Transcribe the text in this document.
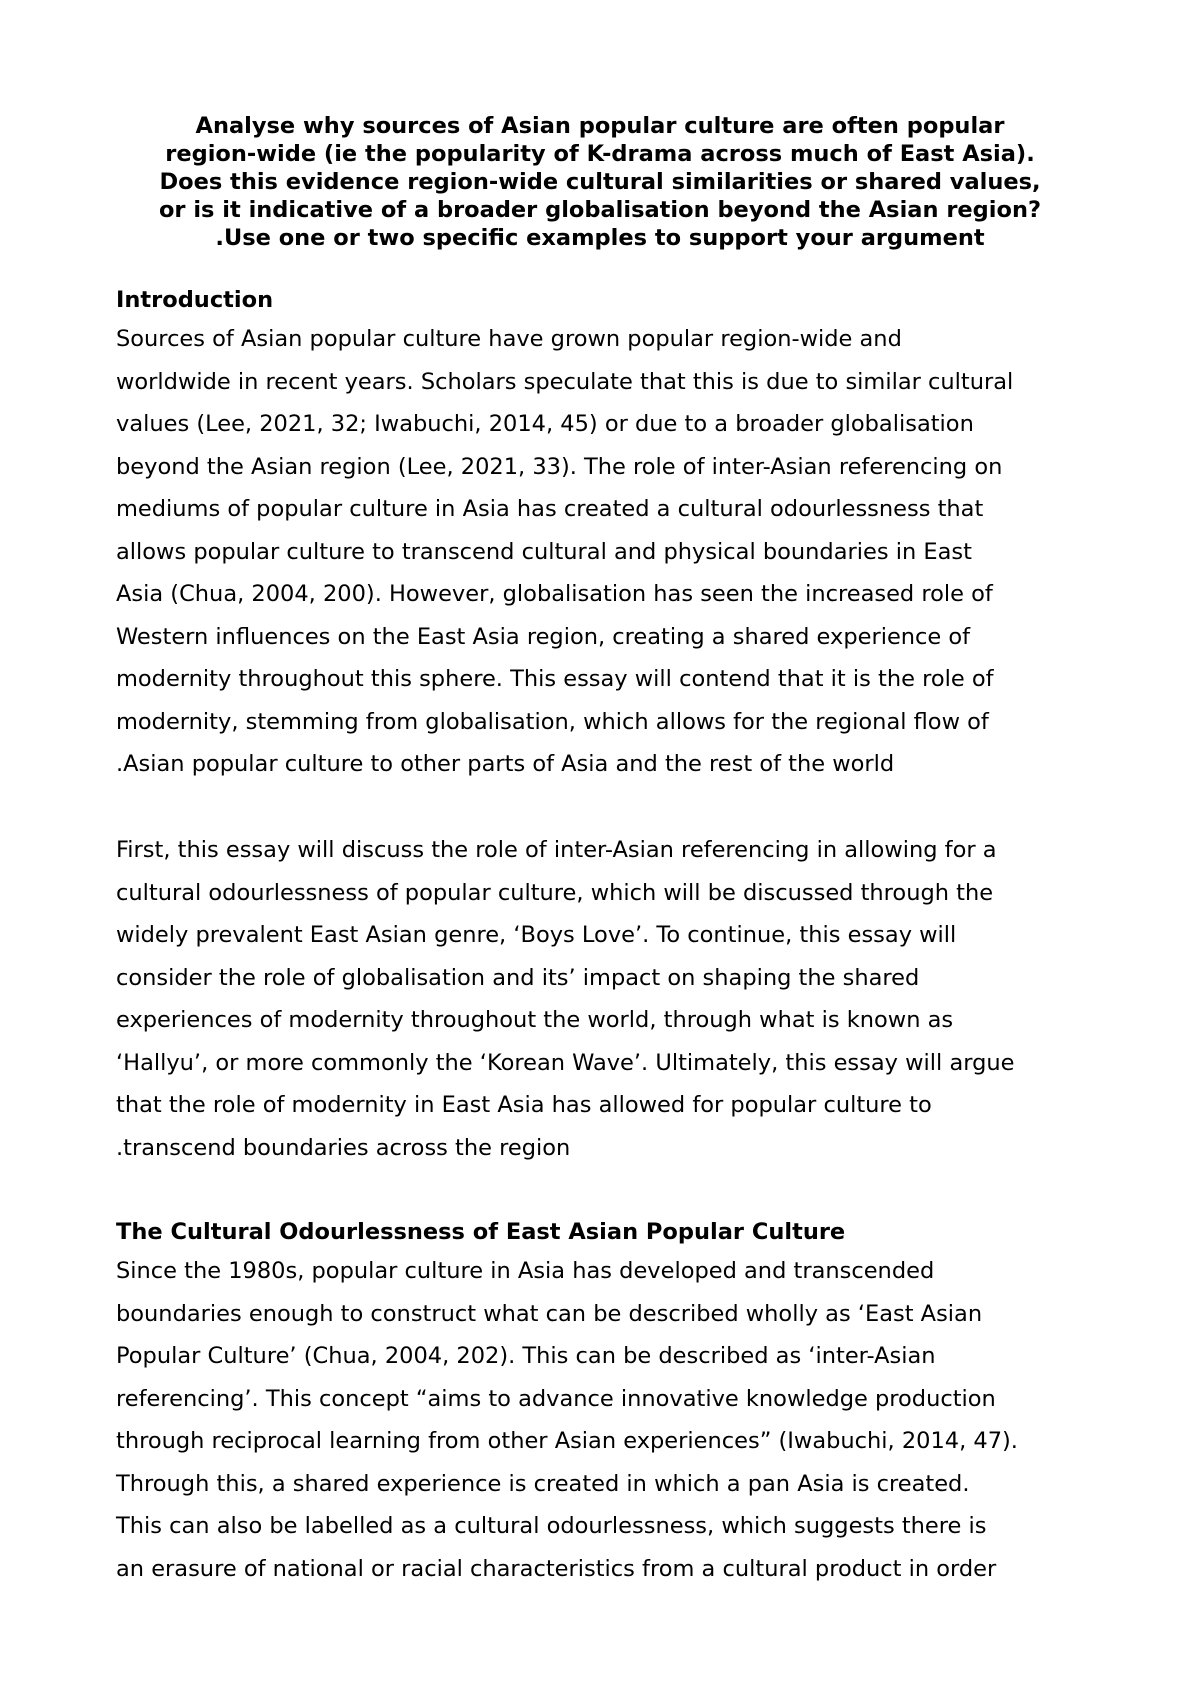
Analyse why sources of Asian popular culture are often popular
region-wide (ie the popularity of K-drama across much of East Asia).
Does this evidence region-wide cultural similarities or shared values,
or is it indicative of a broader globalisation beyond the Asian region?
.Use one or two specific examples to support your argument
Introduction
Sources of Asian popular culture have grown popular region-wide and
worldwide in recent years. Scholars speculate that this is due to similar cultural
values (Lee, 2021, 32; Iwabuchi, 2014, 45) or due to a broader globalisation
beyond the Asian region (Lee, 2021, 33). The role of inter-Asian referencing on
mediums of popular culture in Asia has created a cultural odourlessness that
allows popular culture to transcend cultural and physical boundaries in East
Asia (Chua, 2004, 200). However, globalisation has seen the increased role of
Western influences on the East Asia region, creating a shared experience of
modernity throughout this sphere. This essay will contend that it is the role of
modernity, stemming from globalisation, which allows for the regional flow of
.Asian popular culture to other parts of Asia and the rest of the world
First, this essay will discuss the role of inter-Asian referencing in allowing for a
cultural odourlessness of popular culture, which will be discussed through the
widely prevalent East Asian genre, ‘Boys Love’. To continue, this essay will
consider the role of globalisation and its’ impact on shaping the shared
experiences of modernity throughout the world, through what is known as
‘Hallyu’, or more commonly the ‘Korean Wave’. Ultimately, this essay will argue
that the role of modernity in East Asia has allowed for popular culture to
.transcend boundaries across the region
The Cultural Odourlessness of East Asian Popular Culture
Since the 1980s, popular culture in Asia has developed and transcended
boundaries enough to construct what can be described wholly as ‘East Asian
Popular Culture’ (Chua, 2004, 202). This can be described as ‘inter-Asian
referencing’. This concept “aims to advance innovative knowledge production
through reciprocal learning from other Asian experiences” (Iwabuchi, 2014, 47).
Through this, a shared experience is created in which a pan Asia is created.
This can also be labelled as a cultural odourlessness, which suggests there is
an erasure of national or racial characteristics from a cultural product in order
